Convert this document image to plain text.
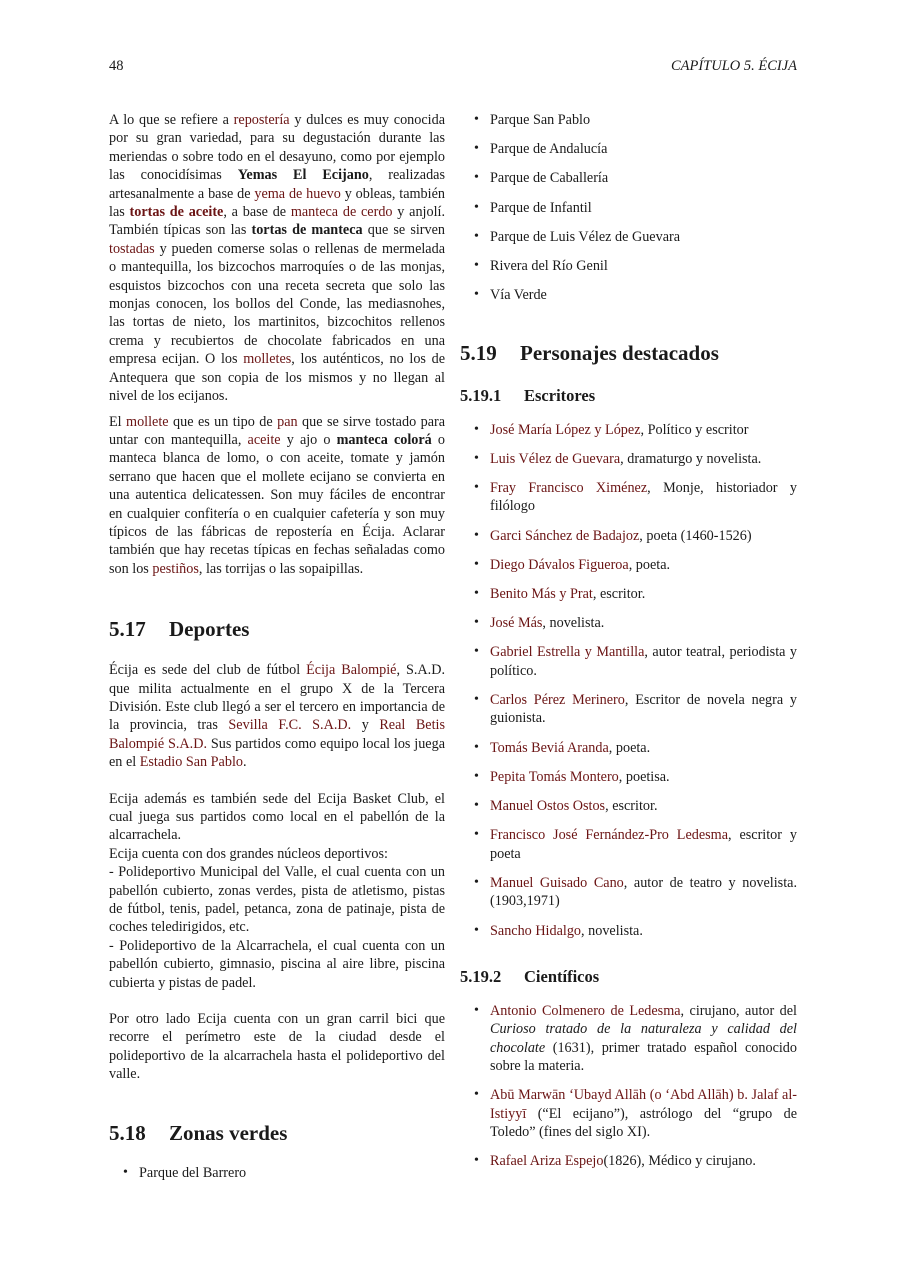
48	CAPÍTULO 5. ÉCIJA

A lo que se refiere a repostería y dulces es muy conocida por su gran variedad, para su degustación durante las meriendas o sobre todo en el desayuno, como por ejemplo las conocidísimas Yemas El Ecijano, realizadas artesanalmente a base de yema de huevo y obleas, también las tortas de aceite, a base de manteca de cerdo y anjolí. También típicas son las tortas de manteca que se sirven tostadas y pueden comerse solas o rellenas de mermelada o mantequilla, los bizcochos marroquíes o de las monjas, esquistos bizcochos con una receta secreta que solo las monjas conocen, los bollos del Conde, las mediasnohes, las tortas de nieto, los martinitos, bizcochitos rellenos crema y recubiertos de chocolate fabricados en una empresa ecijan. O los molletes, los auténticos, no los de Antequera que son copia de los mismos y no llegan al nivel de los ecijanos.

El mollete que es un tipo de pan que se sirve tostado para untar con mantequilla, aceite y ajo o manteca colorá o manteca blanca de lomo, o con aceite, tomate y jamón serrano que hacen que el mollete ecijano se convierta en una autentica delicatessen. Son muy fáciles de encontrar en cualquier confitería o en cualquier cafetería y son muy típicos de las fábricas de repostería en Écija. Aclarar también que hay recetas típicas en fechas señaladas como son los pestiños, las torrijas o las sopaipillas.

5.17 Deportes

Écija es sede del club de fútbol Écija Balompié, S.A.D. que milita actualmente en el grupo X de la Tercera División. Este club llegó a ser el tercero en importancia de la provincia, tras Sevilla F.C. S.A.D. y Real Betis Balompié S.A.D. Sus partidos como equipo local los juega en el Estadio San Pablo.

Ecija además es también sede del Ecija Basket Club, el cual juega sus partidos como local en el pabellón de la alcarrachela.

Ecija cuenta con dos grandes núcleos deportivos:

- Polideportivo Municipal del Valle, el cual cuenta con un pabellón cubierto, zonas verdes, pista de atletismo, pistas de fútbol, tenis, padel, petanca, zona de patinaje, pista de coches teledirigidos, etc.

- Polideportivo de la Alcarrachela, el cual cuenta con un pabellón cubierto, gimnasio, piscina al aire libre, piscina cubierta y pistas de padel.

Por otro lado Ecija cuenta con un gran carril bici que recorre el perímetro este de la ciudad desde el polideportivo de la alcarrachela hasta el polideportivo del valle.

5.18 Zonas verdes
• Parque del Barrero
• Parque San Pablo
• Parque de Andalucía
• Parque de Caballería
• Parque de Infantil
• Parque de Luis Vélez de Guevara
• Rivera del Río Genil
• Vía Verde
5.19 Personajes destacados
5.19.1 Escritores
• José María López y López, Político y escritor
• Luis Vélez de Guevara, dramaturgo y novelista.
• Fray Francisco Ximénez, Monje, historiador y filólogo
• Garci Sánchez de Badajoz, poeta (1460-1526)
• Diego Dávalos Figueroa, poeta.
• Benito Más y Prat, escritor.
• José Más, novelista.
• Gabriel Estrella y Mantilla, autor teatral, periodista y político.
• Carlos Pérez Merinero, Escritor de novela negra y guionista.
• Tomás Beviá Aranda, poeta.
• Pepita Tomás Montero, poetisa.
• Manuel Ostos Ostos, escritor.
• Francisco José Fernández-Pro Ledesma, escritor y poeta
• Manuel Guisado Cano, autor de teatro y novelista.(1903,1971)
• Sancho Hidalgo, novelista.
5.19.2 Científicos
• Antonio Colmenero de Ledesma, cirujano, autor del Curioso tratado de la naturaleza y calidad del chocolate (1631), primer tratado español conocido sobre la materia.
• Abū Marwān ‘Ubayd Allāh (o ‘Abd Allāh) b. Jalaf al-Istiyyī (“El ecijano”), astrólogo del “grupo de Toledo” (fines del siglo XI).
• Rafael Ariza Espejo(1826), Médico y cirujano.
